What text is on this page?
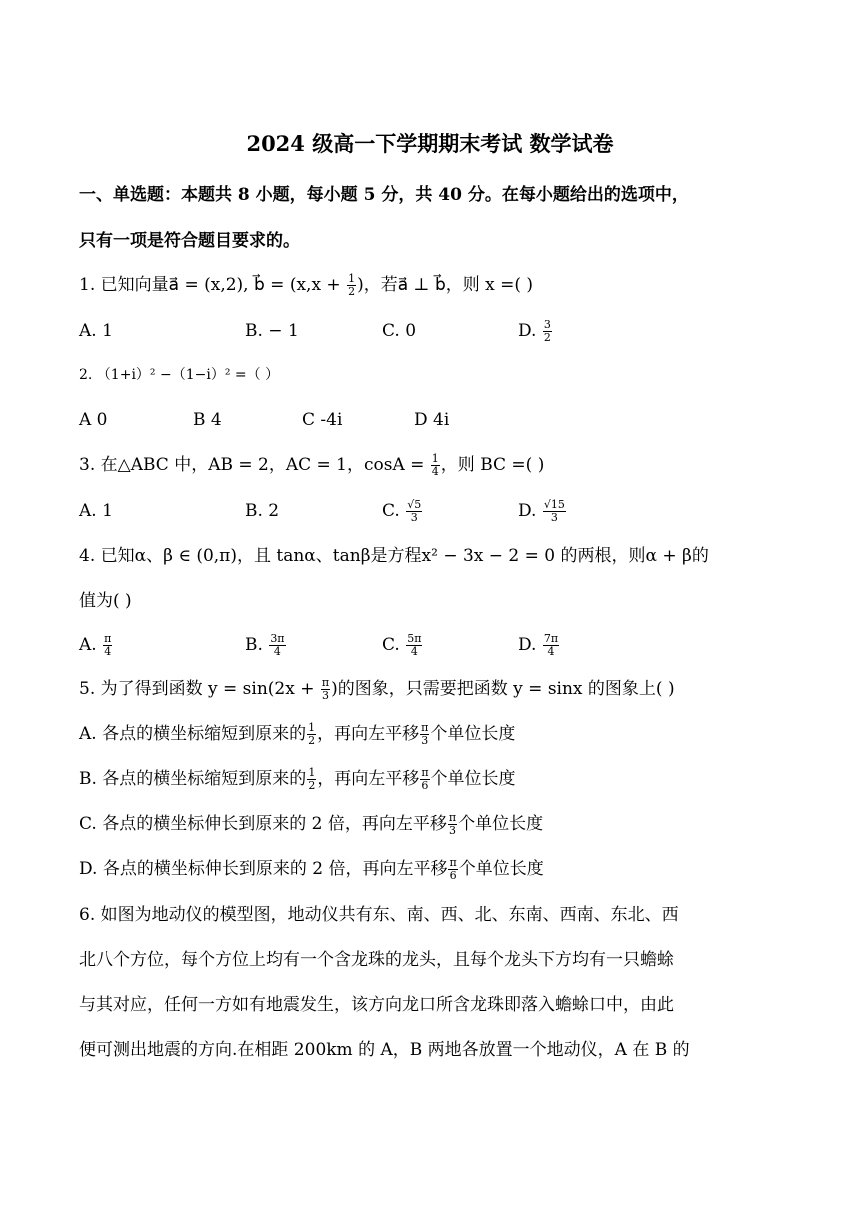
2024 级高一下学期期末考试 数学试卷
一、单选题：本题共 8 小题，每小题 5 分，共 40 分。在每小题给出的选项中，
只有一项是符合题目要求的。
1. 已知向量a⃗ = (x,2), b⃗ = ($x,x + \frac{1}{2}$ )，若a⃗ ⊥ b⃗，则 x =( )
A. 1	B. − 1	C. 0	D. $\frac{3}{2}$
2. （1+i）² −（1−i）² =（ ）
A 0	B 4	C -4i	D 4i
3. 在△ABC 中，AB = 2，AC = 1，$\cos A = \frac{1}{4}$ ，则 BC =( )
A. 1	B. 2	C. $\frac{√5}{3}$	D. $\frac{√15}{3}$
4. 已知α、β ∈ (0,π)，且 tanα、tanβ是方程x² − 3x − 2 = 0 的两根，则α + β的
值为( )
A. $\frac{\pi}{4}$	B. $\frac{3\pi}{4}$	C. $\frac{5\pi}{4}$	D. $\frac{7\pi}{4}$
5. 为了得到函数 $y = \sin(2x + \frac{\pi}{3}$ )的图象，只需要把函数 y = sinx 的图象上( )
A. 各点的横坐标缩短到原来的 $\frac{1}{2}$ ，再向左平移 $\frac{\pi}{3}$ 个单位长度
B. 各点的横坐标缩短到原来的 $\frac{1}{2}$ ，再向左平移 $\frac{\pi}{6}$ 个单位长度
C. 各点的横坐标伸长到原来的 2 倍，再向左平移 $\frac{\pi}{3}$ 个单位长度
D. 各点的横坐标伸长到原来的 2 倍，再向左平移 $\frac{\pi}{6}$ 个单位长度
6. 如图为地动仪的模型图，地动仪共有东、南、西、北、东南、西南、东北、西
北八个方位，每个方位上均有一个含龙珠的龙头，且每个龙头下方均有一只蟾蜍
与其对应，任何一方如有地震发生，该方向龙口所含龙珠即落入蟾蜍口中，由此
便可测出地震的方向.在相距 200km 的 A，B 两地各放置一个地动仪，A 在 B 的
